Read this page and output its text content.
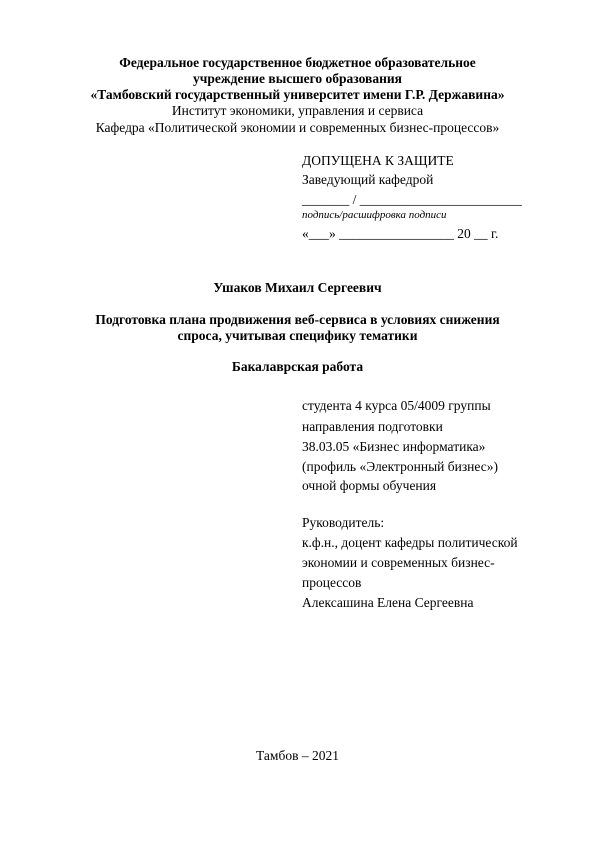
Федеральное государственное бюджетное образовательное
учреждение высшего образования
«Тамбовский государственный университет имени Г.Р. Державина»
Институт экономики, управления и сервиса
Кафедра «Политической экономии и современных бизнес-процессов»
ДОПУЩЕНА К ЗАЩИТЕ
Заведующий кафедрой
_______ / ________________________
подпись/расшифровка подписи
«___» _________________ 20 __ г.
Ушаков Михаил Сергеевич
Подготовка плана продвижения веб-сервиса в условиях снижения
спроса, учитывая специфику тематики
Бакалаврская работа
студента 4 курса 05/4009 группы
направления подготовки
38.03.05 «Бизнес информатика»
(профиль «Электронный бизнес»)
очной формы обучения
Руководитель:
к.ф.н., доцент кафедры политической
экономии и современных бизнес-
процессов
Алексашина Елена Сергеевна
Тамбов – 2021
